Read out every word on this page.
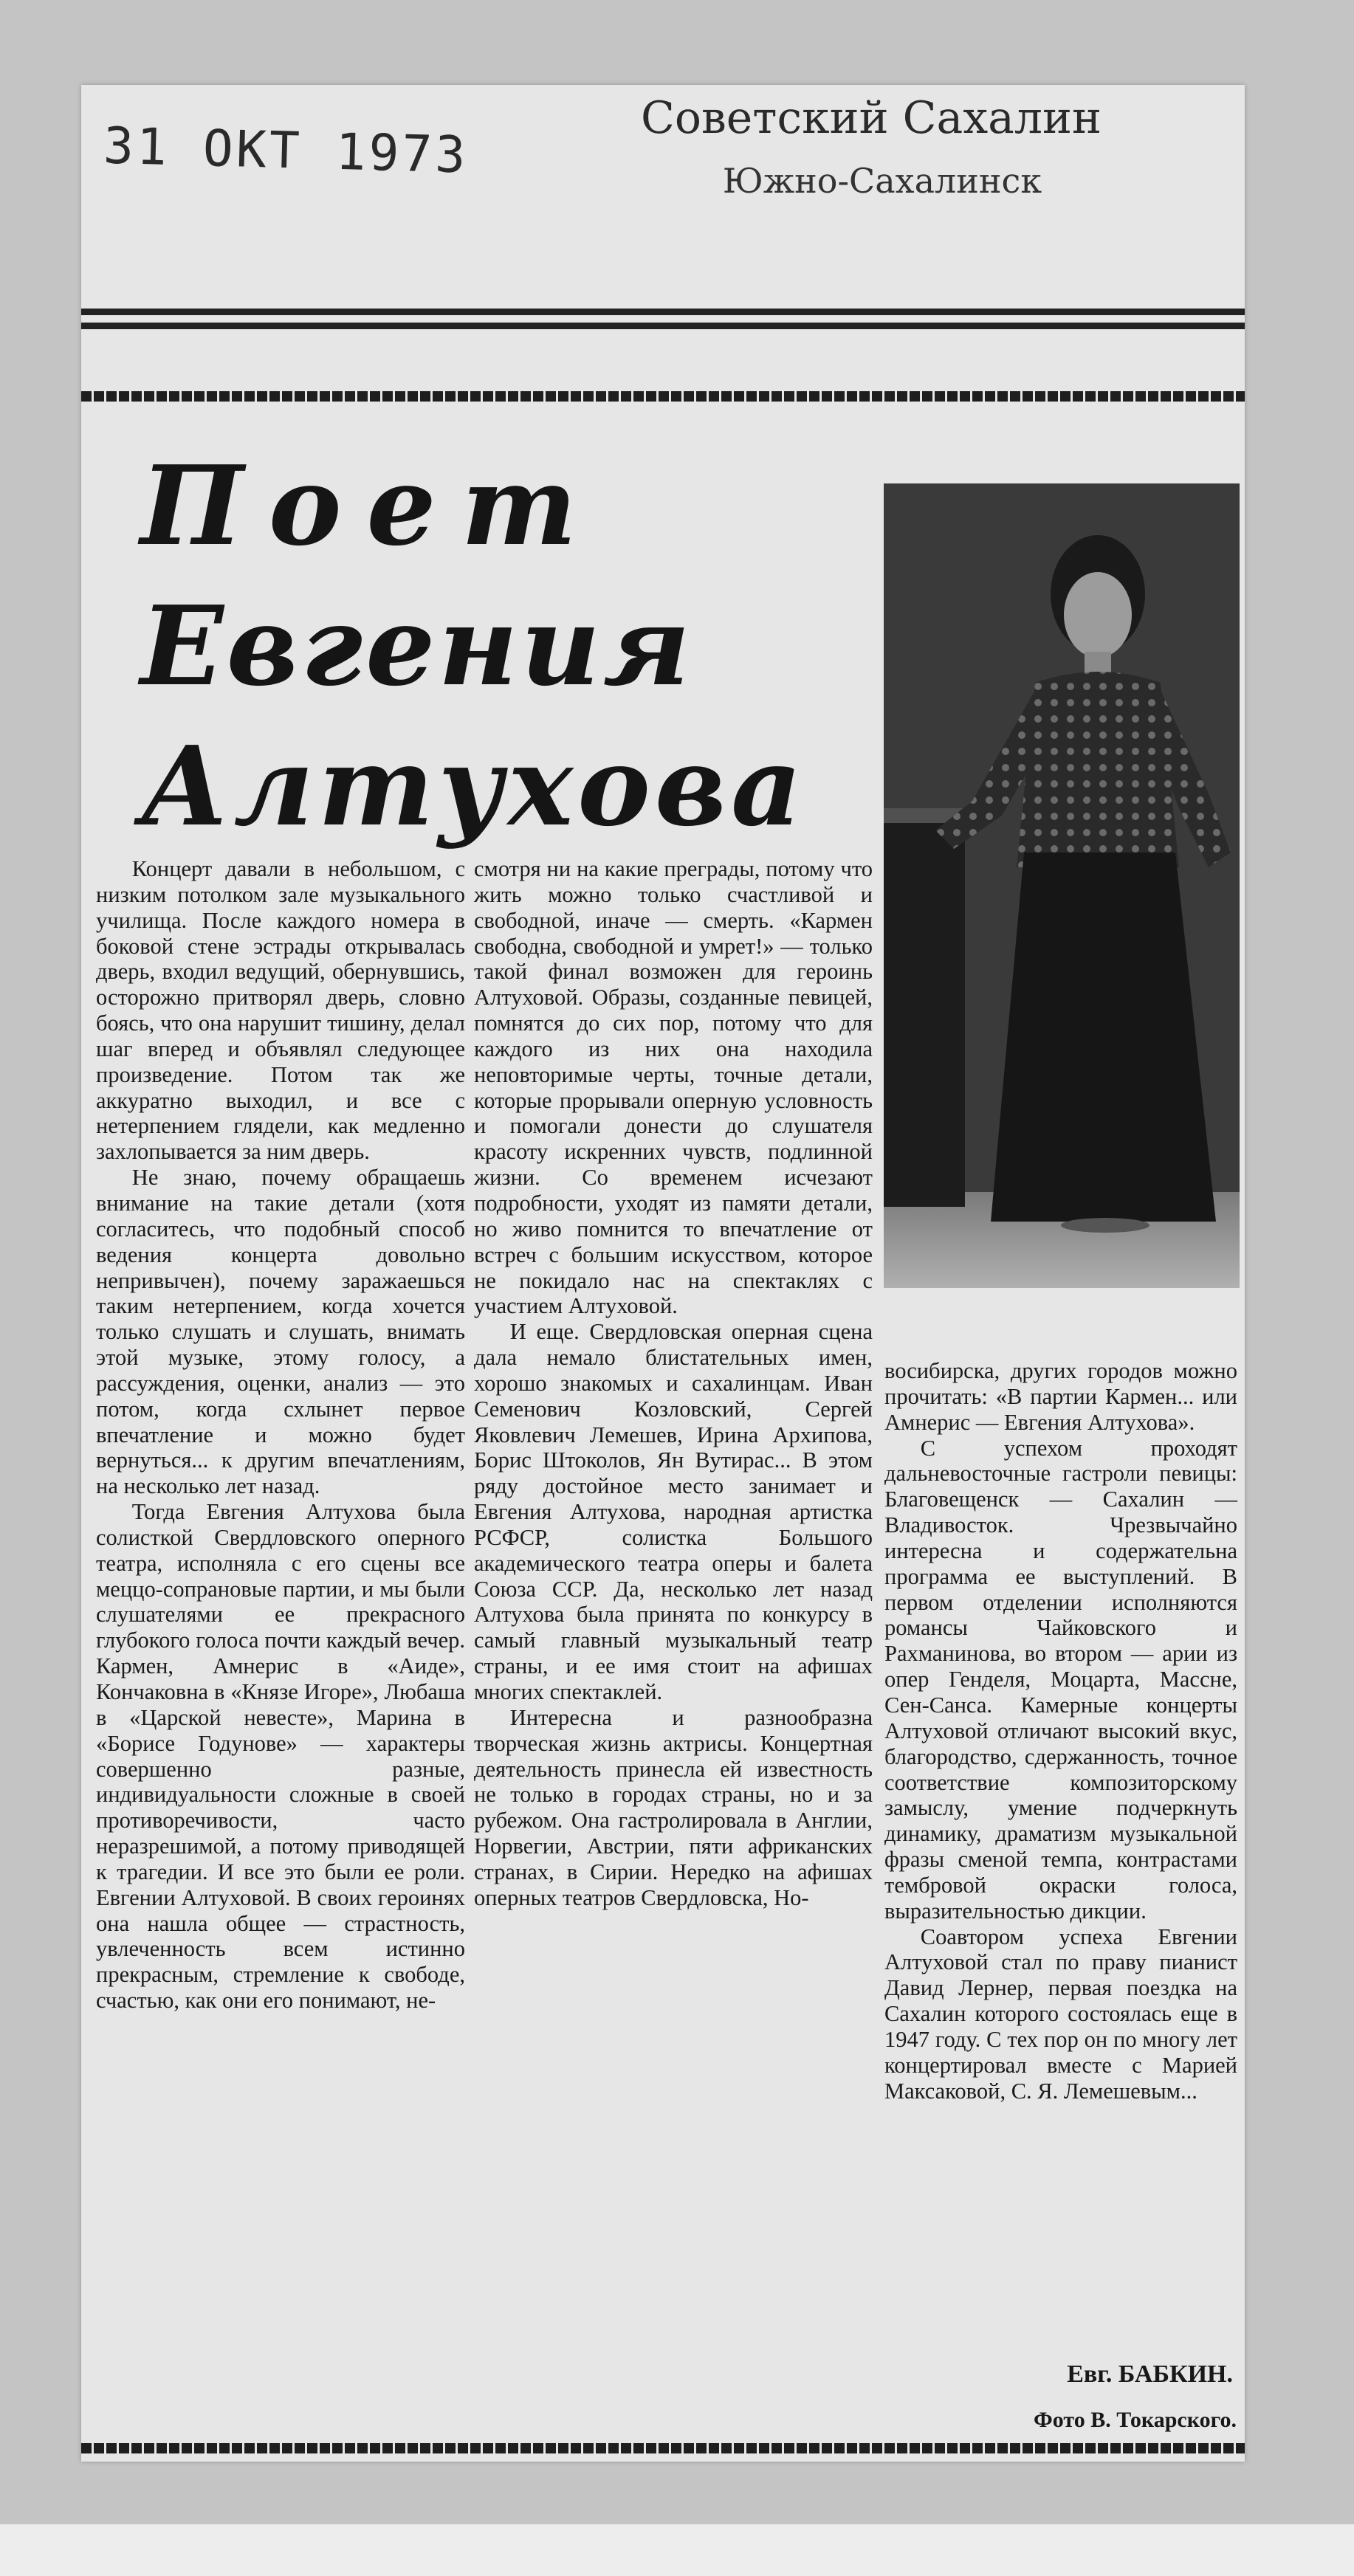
31 ОКТ 1973	Советский Сахалин
Южно-Сахалинск
Поет
Евгения
Алтухова

Концерт давали в небольшом, с низким потолком зале музыкального училища. После каждого номера в боковой стене эстрады открывалась дверь, входил ведущий, обернувшись, осторожно притворял дверь, словно боясь, что она нарушит тишину, делал шаг вперед и объявлял следующее произведение. Потом так же аккуратно выходил, и все с нетерпением глядели, как медленно захлопывается за ним дверь.

Не знаю, почему обращаешь внимание на такие детали (хотя согласитесь, что подобный способ ведения концерта довольно непривычен), почему заражаешься таким нетерпением, когда хочется только слушать и слушать, внимать этой музыке, этому голосу, а рассуждения, оценки, анализ — это потом, когда схлынет первое впечатление и можно будет вернуться... к другим впечатлениям, на несколько лет назад.

Тогда Евгения Алтухова была солисткой Свердловского оперного театра, исполняла с его сцены все меццо-сопрановые партии, и мы были слушателями ее прекрасного глубокого голоса почти каждый вечер. Кармен, Амнерис в «Аиде», Кончаковна в «Князе Игоре», Любаша в «Царской невесте», Марина в «Борисе Годунове» — характеры совершенно разные, индивидуальности сложные в своей противоречивости, часто неразрешимой, а потому приводящей к трагедии. И все это были ее роли. Евгении Алтуховой. В своих героинях она нашла общее — страстность, увлеченность всем истинно прекрасным, стремление к свободе, счастью, как они его понимают, не-

смотря ни на какие преграды, потому что жить можно только счастливой и свободной, иначе — смерть. «Кармен свободна, свободной и умрет!» — только такой финал возможен для героинь Алтуховой. Образы, созданные певицей, помнятся до сих пор, потому что для каждого из них она находила неповторимые черты, точные детали, которые прорывали оперную условность и помогали донести до слушателя красоту искренних чувств, подлинной жизни. Со временем исчезают подробности, уходят из памяти детали, но живо помнится то впечатление от встреч с большим искусством, которое не покидало нас на спектаклях с участием Алтуховой.

И еще. Свердловская оперная сцена дала немало блистательных имен, хорошо знакомых и сахалинцам. Иван Семенович Козловский, Сергей Яковлевич Лемешев, Ирина Архипова, Борис Штоколов, Ян Вутирас... В этом ряду достойное место занимает и Евгения Алтухова, народная артистка РСФСР, солистка Большого академического театра оперы и балета Союза ССР. Да, несколько лет назад Алтухова была принята по конкурсу в самый главный музыкальный театр страны, и ее имя стоит на афишах многих спектаклей.

Интересна и разнообразна творческая жизнь актрисы. Концертная деятельность принесла ей известность не только в городах страны, но и за рубежом. Она гастролировала в Англии, Норвегии, Австрии, пяти африканских странах, в Сирии. Нередко на афишах оперных театров Свердловска, Но-

восибирска, других городов можно прочитать: «В партии Кармен... или Амнерис — Евгения Алтухова».

С успехом проходят дальневосточные гастроли певицы: Благовещенск — Сахалин — Владивосток. Чрезвычайно интересна и содержательна программа ее выступлений. В первом отделении исполняются романсы Чайковского и Рахманинова, во втором — арии из опер Генделя, Моцарта, Массне, Сен-Санса. Камерные концерты Алтуховой отличают высокий вкус, благородство, сдержанность, точное соответствие композиторскому замыслу, умение подчеркнуть динамику, драматизм музыкальной фразы сменой темпа, контрастами тембровой окраски голоса, выразительностью дикции.

Соавтором успеха Евгении Алтуховой стал по праву пианист Давид Лернер, первая поездка на Сахалин которого состоялась еще в 1947 году. С тех пор он по многу лет концертировал вместе с Марией Максаковой, С. Я. Лемешевым...

Евг. БАБКИН.
Фото В. Токарского.
